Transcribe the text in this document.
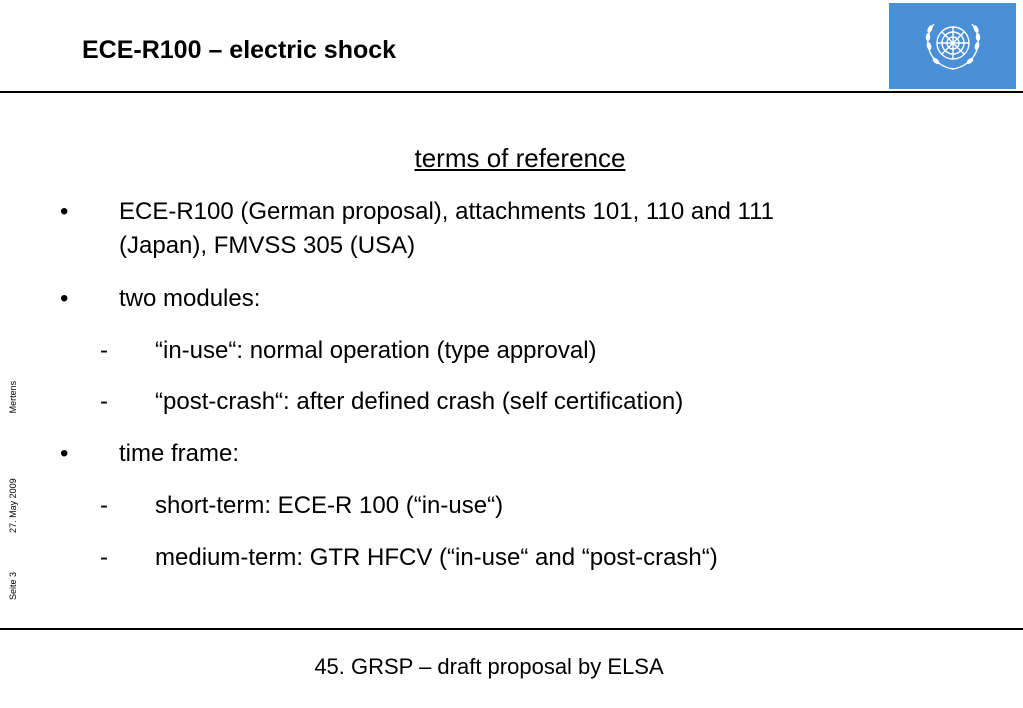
ECE-R100 – electric shock
terms of reference
• ECE-R100 (German proposal), attachments 101, 110 and 111
(Japan), FMVSS 305 (USA)
• two modules:
- “in-use“: normal operation (type approval)
- “post-crash“: after defined crash (self certification)
• time frame:
- short-term: ECE-R 100 (“in-use“)
- medium-term: GTR HFCV (“in-use“ and “post-crash“)
Seite 3  27. May 2009  Mertens
45. GRSP – draft proposal by ELSA
